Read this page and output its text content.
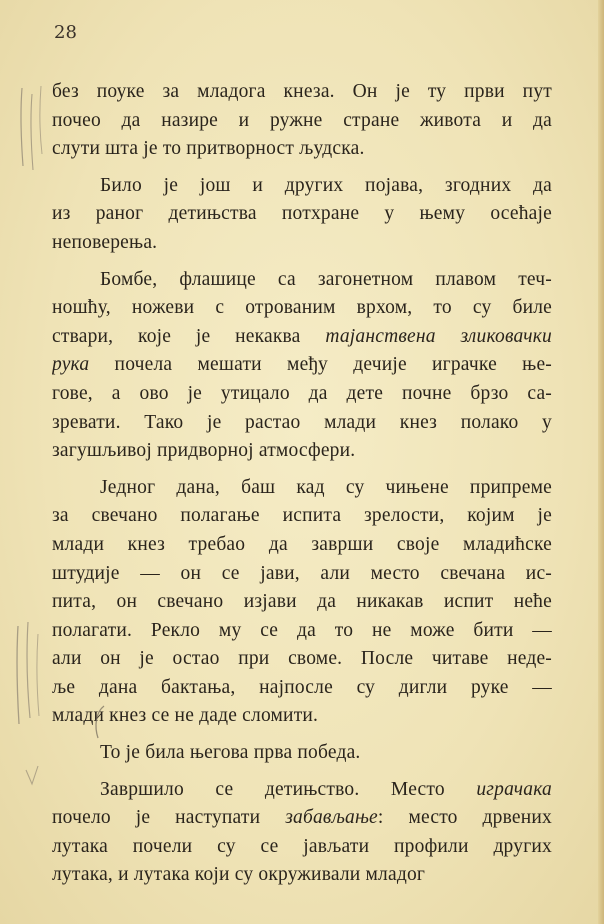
28
без поуке за младога кнеза. Он је ту први пут
почео да назире и ружне стране живота и да
слути шта је то притворност људска.
Било је још и других појава, згодних да
из раног детињства потхране у њему осећаје
неповерења.
Бомбе, флашице са загонетном плавом теч-
ношћу, ножеви с отрованим врхом, то су биле
ствари, које је некаква тајанствена зликовачки
рука почела мешати међу дечије играчке ње-
гове, а ово је утицало да дете почне брзо са-
зревати. Тако је растао млади кнез полако у
загушљивој придворној атмосфери.
Једног дана, баш кад су чињене припреме
за свечано полагање испита зрелости, којим је
млади кнез требао да заврши своје младићске
штудије — он се јави, али место свечана ис-
пита, он свечано изјави да никакав испит неће
полагати. Рекло му се да то не може бити —
али он је остао при своме. После читаве неде-
ље дана бактања, најпосле су дигли руке —
млади кнез се не даде сломити.
То је била његова прва победа.
Завршило се детињство. Место играчака
почело је наступати забављање: место дрвених
лутака почели су се јављати профили других
лутака, и лутака који су окруживали младог
